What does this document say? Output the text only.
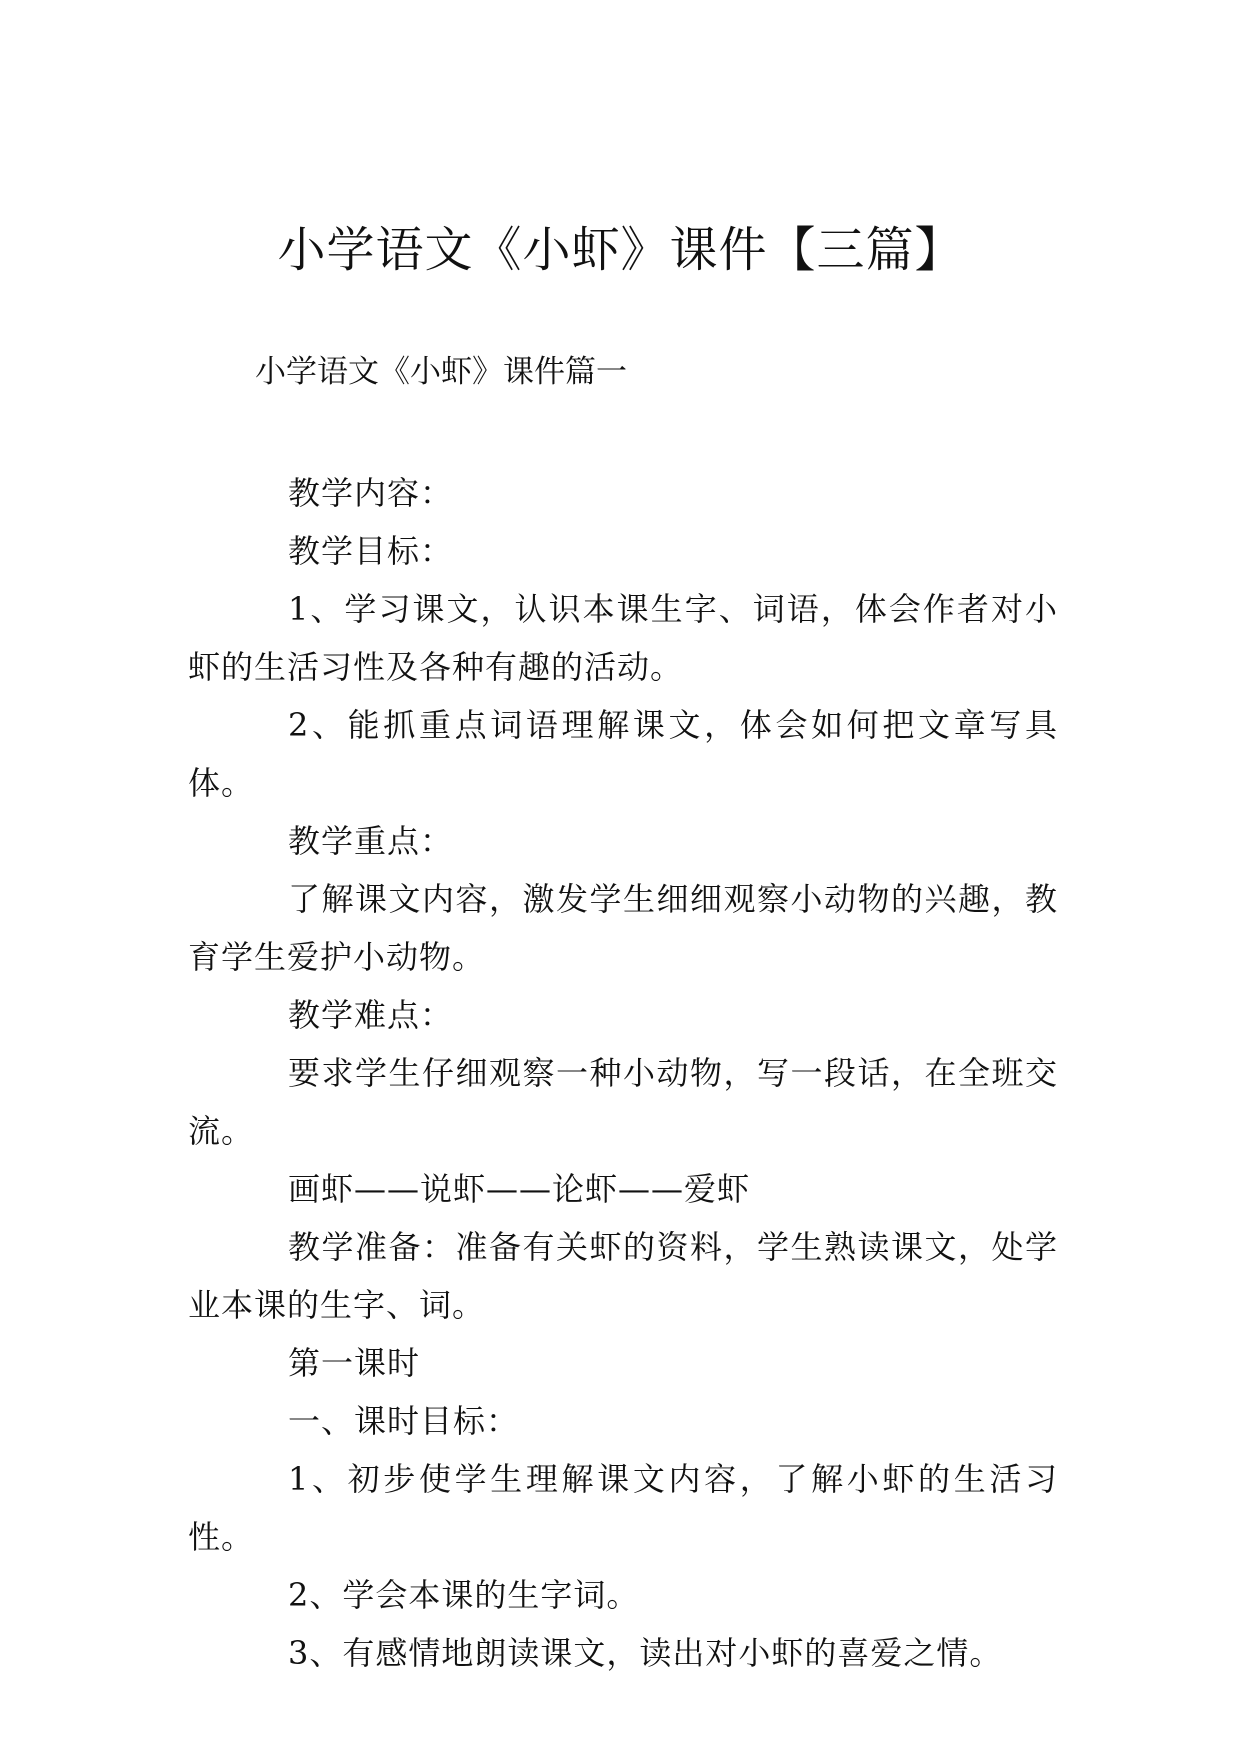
小学语文《小虾》课件【三篇】
小学语文《小虾》课件篇一

教学内容：

教学目标：

1、学习课文，认识本课生字、词语，体会作者对小虾的生活习性及各种有趣的活动。

2、能抓重点词语理解课文，体会如何把文章写具体。

教学重点：

了解课文内容，激发学生细细观察小动物的兴趣，教育学生爱护小动物。

教学难点：

要求学生仔细观察一种小动物，写一段话，在全班交流。

画虾——说虾——论虾——爱虾

教学准备：准备有关虾的资料，学生熟读课文，处学业本课的生字、词。

第一课时

一、课时目标：

1、初步使学生理解课文内容，了解小虾的生活习性。

2、学会本课的生字词。

3、有感情地朗读课文，读出对小虾的喜爱之情。
